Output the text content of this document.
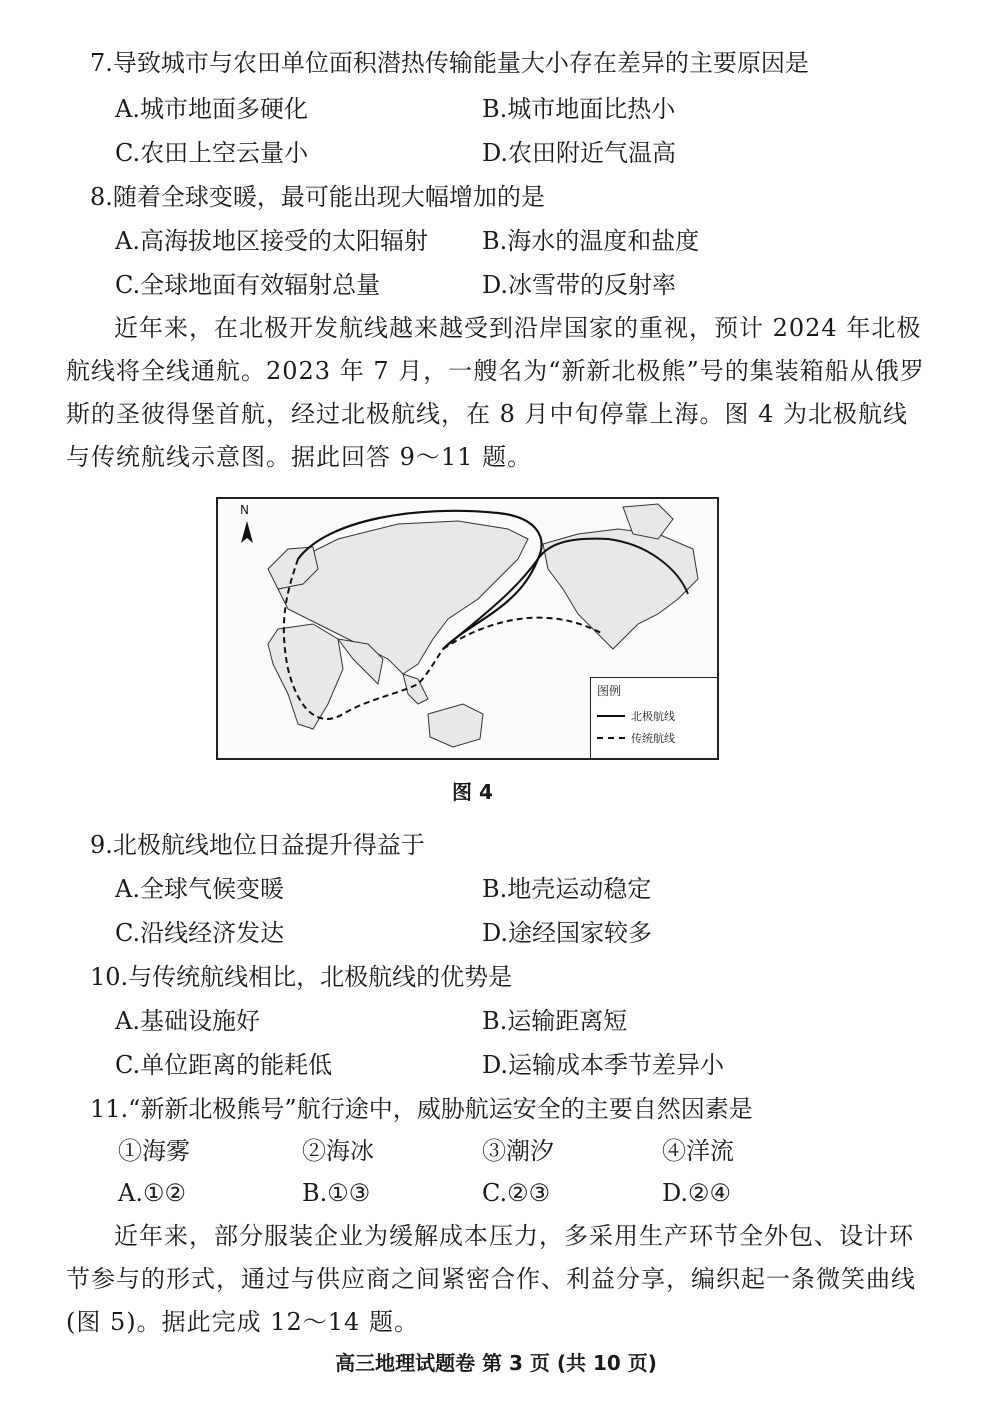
7.导致城市与农田单位面积潜热传输能量大小存在差异的主要原因是
A.城市地面多硬化	B.城市地面比热小
C.农田上空云量小	D.农田附近气温高
8.随着全球变暖，最可能出现大幅增加的是
A.高海拔地区接受的太阳辐射 B.海水的温度和盐度
C.全球地面有效辐射总量	D.冰雪带的反射率

近年来，在北极开发航线越来越受到沿岸国家的重视，预计 2024 年北极航线将全线通航。2023 年 7 月，一艘名为“新新北极熊”号的集装箱船从俄罗斯的圣彼得堡首航，经过北极航线，在 8 月中旬停靠上海。图 4 为北极航线与传统航线示意图。据此回答 9～11 题。

图例
北极航线
传统航线
N
图 4
9.北极航线地位日益提升得益于
A.全球气候变暖	B.地壳运动稳定
C.沿线经济发达	D.途经国家较多
10.与传统航线相比，北极航线的优势是
A.基础设施好	B.运输距离短
C.单位距离的能耗低	D.运输成本季节差异小
11.“新新北极熊号”航行途中，威胁航运安全的主要自然因素是
①海雾	②海冰	③潮汐	④洋流
A.①②	B.①③	C.②③	D.②④

近年来，部分服装企业为缓解成本压力，多采用生产环节全外包、设计环节参与的形式，通过与供应商之间紧密合作、利益分享，编织起一条微笑曲线(图 5)。据此完成 12～14 题。

高三地理试题卷 第 3 页 (共 10 页)
